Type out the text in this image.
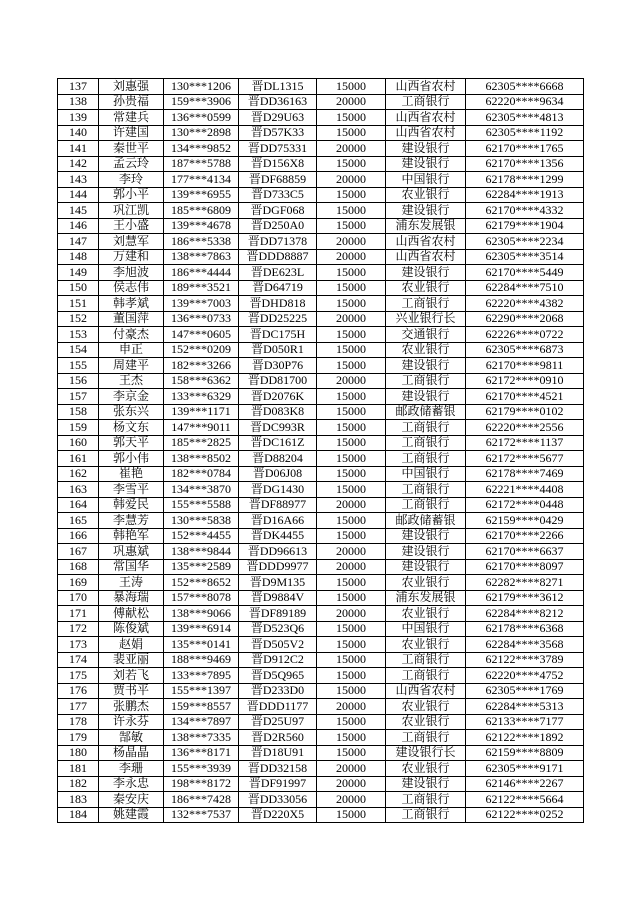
137	刘惠强	130***1206	晋DL1315	15000	山西省农村	62305****6668
138	孙贵福	159***3906	晋DD36163	20000	工商银行	62220****9634
139	常建兵	136***0599	晋D29U63	15000	山西省农村	62305****4813
140	许建国	130***2898	晋D57K33	15000	山西省农村	62305****1192
141	秦世平	134***9852	晋DD75331	20000	建设银行	62170****1765
142	孟云玲	187***5788	晋D156X8	15000	建设银行	62170****1356
143	李玲	177***4134	晋DF68859	20000	中国银行	62178****1299
144	郭小平	139***6955	晋D733C5	15000	农业银行	62284****1913
145	巩江凯	185***6809	晋DGF068	15000	建设银行	62170****4332
146	王小盛	139***4678	晋D250A0	15000	浦东发展银	62179****1904
147	刘慧军	186***5338	晋DD71378	20000	山西省农村	62305****2234
148	万建和	138***7863	晋DDD8887	20000	山西省农村	62305****3514
149	李旭波	186***4444	晋DE623L	15000	建设银行	62170****5449
150	侯志伟	189***3521	晋D64719	15000	农业银行	62284****7510
151	韩孝斌	139***7003	晋DHD818	15000	工商银行	62220****4382
152	董国萍	136***0733	晋DD25225	20000	兴业银行长	62290****2068
153	付豪杰	147***0605	晋DC175H	15000	交通银行	62226****0722
154	申正	152***0209	晋D050R1	15000	农业银行	62305****6873
155	周建平	182***3266	晋D30P76	15000	建设银行	62170****9811
156	王杰	158***6362	晋DD81700	20000	工商银行	62172****0910
157	李京金	133***6329	晋D2076K	15000	建设银行	62170****4521
158	张东兴	139***1171	晋D083K8	15000	邮政储蓄银	62179****0102
159	杨文东	147***9011	晋DC993R	15000	工商银行	62220****2556
160	郭天平	185***2825	晋DC161Z	15000	工商银行	62172****1137
161	郭小伟	138***8502	晋D88204	15000	工商银行	62172****5677
162	崔艳	182***0784	晋D06J08	15000	中国银行	62178****7469
163	李雪平	134***3870	晋DG1430	15000	工商银行	62221****4408
164	韩爱民	155***5588	晋DF88977	20000	工商银行	62172****0448
165	李慧芳	130***5838	晋D16A66	15000	邮政储蓄银	62159****0429
166	韩艳军	152***4455	晋DK4455	15000	建设银行	62170****2266
167	巩惠斌	138***9844	晋DD96613	20000	建设银行	62170****6637
168	常国华	135***2589	晋DDD9977	20000	建设银行	62170****8097
169	王涛	152***8652	晋D9M135	15000	农业银行	62282****8271
170	暴海瑞	157***8078	晋D9884V	15000	浦东发展银	62179****3612
171	傅献松	138***9066	晋DF89189	20000	农业银行	62284****8212
172	陈俊斌	139***6914	晋D523Q6	15000	中国银行	62178****6368
173	赵娟	135***0141	晋D505V2	15000	农业银行	62284****3568
174	裴亚丽	188***9469	晋D912C2	15000	工商银行	62122****3789
175	刘若飞	133***7895	晋D5Q965	15000	工商银行	62220****4752
176	贾书平	155***1397	晋D233D0	15000	山西省农村	62305****1769
177	张鹏杰	159***8557	晋DDD1177	20000	农业银行	62284****5313
178	许永芬	134***7897	晋D25U97	15000	农业银行	62133****7177
179	郜敏	138***7335	晋D2R560	15000	工商银行	62122****1892
180	杨晶晶	136***8171	晋D18U91	15000	建设银行长	62159****8809
181	李珊	155***3939	晋DD32158	20000	农业银行	62305****9171
182	李永忠	198***8172	晋DF91997	20000	建设银行	62146****2267
183	秦安庆	186***7428	晋DD33056	20000	工商银行	62122****5664
184	姚建霞	132***7537	晋D220X5	15000	工商银行	62122****0252
